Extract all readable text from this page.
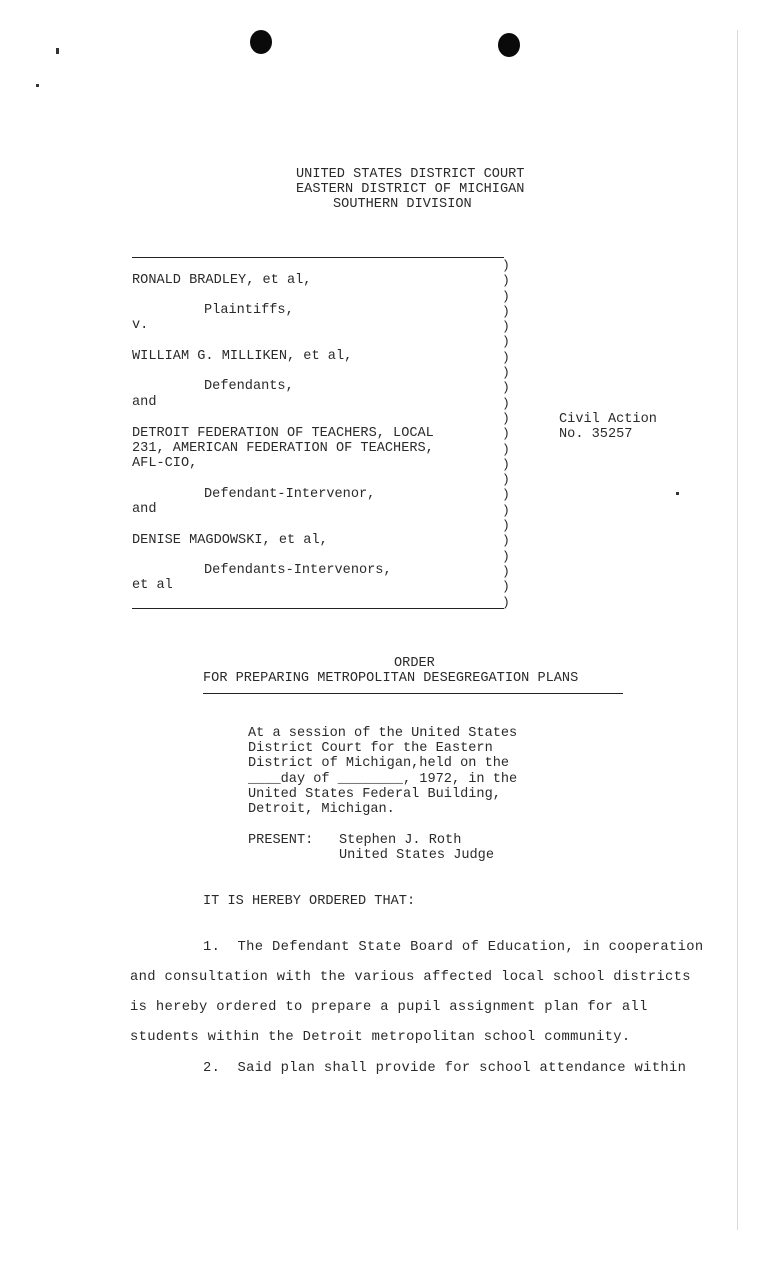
UNITED STATES DISTRICT COURT
EASTERN DISTRICT OF MICHIGAN
SOUTHERN DIVISION
RONALD BRADLEY, et al,
Plaintiffs,
v.
WILLIAM G. MILLIKEN, et al,
Defendants,
and
DETROIT FEDERATION OF TEACHERS, LOCAL
231, AMERICAN FEDERATION OF TEACHERS,
AFL-CIO,
Defendant-Intervenor,
and
DENISE MAGDOWSKI, et al,
Defendants-Intervenors,
et al
)
)
)
)
)
)
)
)
)
)
)
)
)
)
)
)
)
)
)
)
)
)
)
Civil Action
No. 35257
ORDER
FOR PREPARING METROPOLITAN DESEGREGATION PLANS
At a session of the United States
District Court for the Eastern
District of Michigan,held on the
____day of ________, 1972, in the
United States Federal Building,
Detroit, Michigan.
PRESENT: Stephen J. Roth
United States Judge
IT IS HEREBY ORDERED THAT:
1.  The Defendant State Board of Education, in cooperation
and consultation with the various affected local school districts
is hereby ordered to prepare a pupil assignment plan for all
students within the Detroit metropolitan school community.
2.  Said plan shall provide for school attendance within
